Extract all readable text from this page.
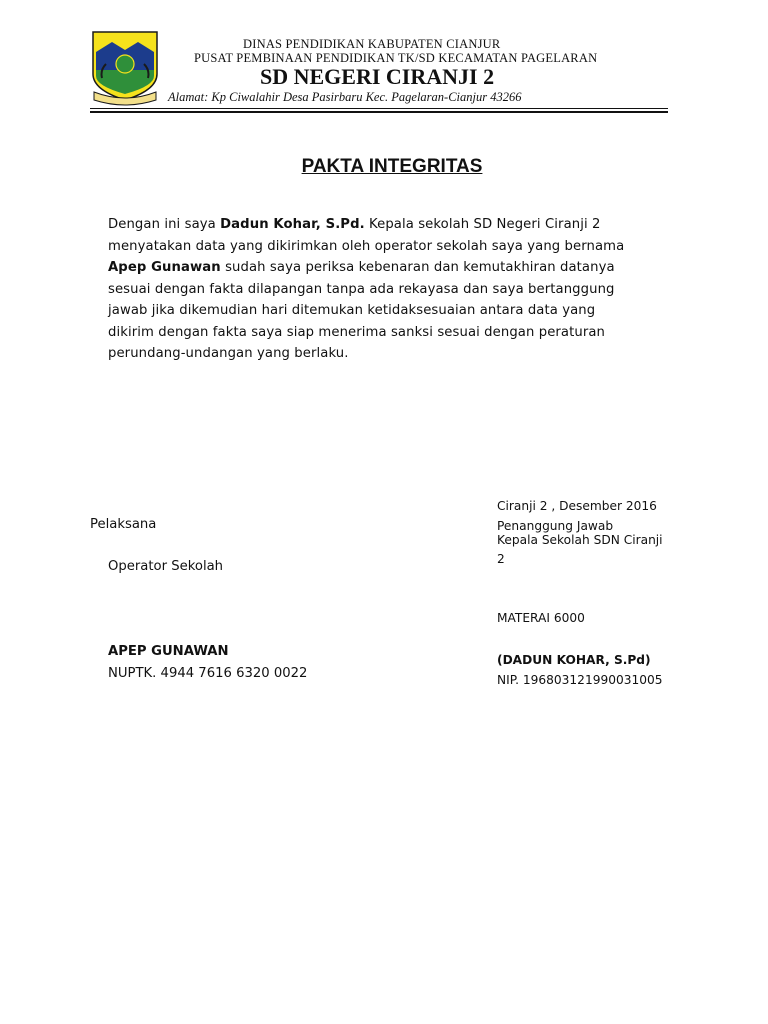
DINAS PENDIDIKAN KABUPATEN CIANJUR
PUSAT PEMBINAAN PENDIDIKAN TK/SD KECAMATAN PAGELARAN
SD NEGERI CIRANJI 2
Alamat: Kp Ciwalahir Desa Pasirbaru Kec. Pagelaran-Cianjur 43266
PAKTA INTEGRITAS

Dengan ini saya Dadun Kohar, S.Pd. Kepala sekolah SD Negeri Ciranji 2

menyatakan data yang dikirimkan oleh operator sekolah saya yang bernama

Apep Gunawan sudah saya periksa kebenaran dan kemutakhiran datanya

sesuai dengan fakta dilapangan tanpa ada rekayasa dan saya bertanggung

jawab jika dikemudian hari ditemukan ketidaksesuaian antara data yang

dikirim dengan fakta saya siap menerima sanksi sesuai dengan peraturan

perundang-undangan yang berlaku.

Pelaksana
Operator Sekolah
APEP GUNAWAN
NUPTK. 4944 7616 6320 0022
Ciranji 2 , Desember 2016
Penanggung Jawab
Kepala Sekolah SDN Ciranji
2
MATERAI 6000
(DADUN KOHAR, S.Pd)
NIP. 196803121990031005
